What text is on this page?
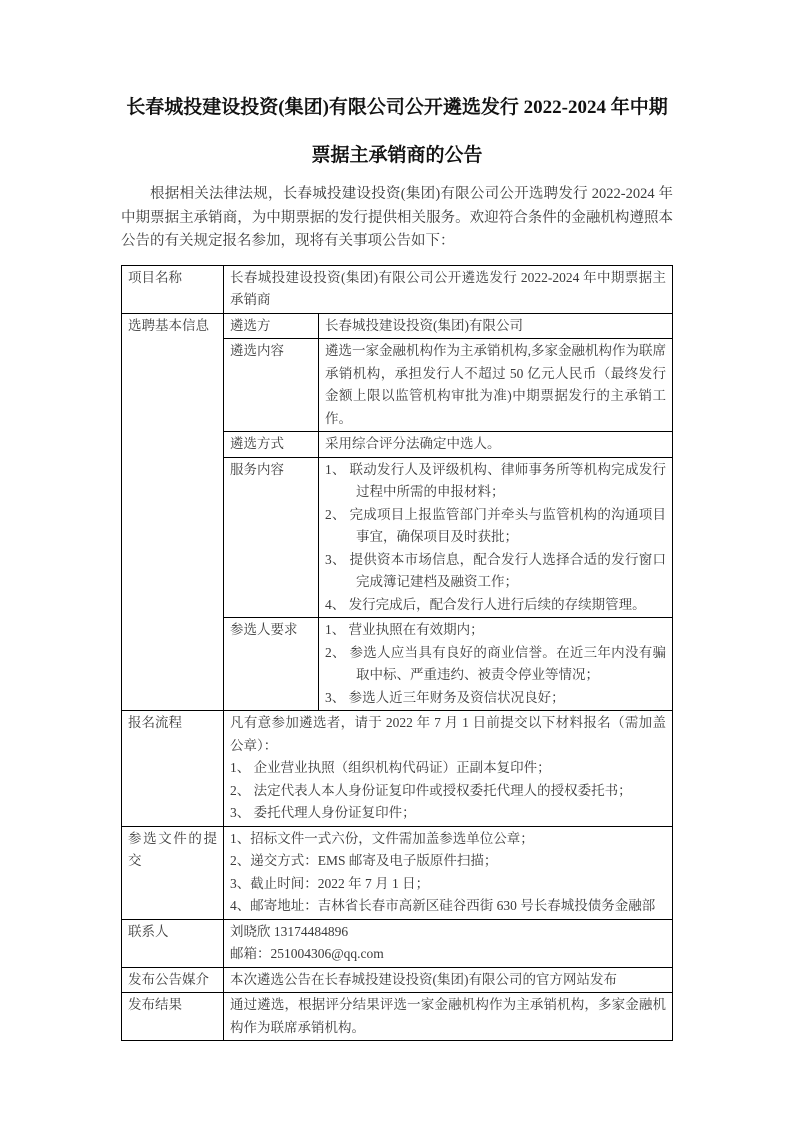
长春城投建设投资(集团)有限公司公开遴选发行 2022-2024 年中期
票据主承销商的公告

根据相关法律法规，长春城投建设投资(集团)有限公司公开选聘发行 2022-2024 年中期票据主承销商，为中期票据的发行提供相关服务。欢迎符合条件的金融机构遵照本公告的有关规定报名参加，现将有关事项公告如下：

项目名称	长春城投建设投资(集团)有限公司公开遴选发行 2022-2024 年中期票据主承销商	
选聘基本信息	遴选方	长春城投建设投资(集团)有限公司
	遴选内容	遴选一家金融机构作为主承销机构,多家金融机构作为联席承销机构，承担发行人不超过 50 亿元人民币（最终发行金额上限以监管机构审批为准)中期票据发行的主承销工作。
	遴选方式	采用综合评分法确定中选人。
	服务内容	1、 联动发行人及评级机构、律师事务所等机构完成发行过程中所需的申报材料；
2、 完成项目上报监管部门并牵头与监管机构的沟通项目事宜，确保项目及时获批；
3、 提供资本市场信息，配合发行人选择合适的发行窗口完成簿记建档及融资工作；
4、 发行完成后，配合发行人进行后续的存续期管理。

	参选人要求	1、 营业执照在有效期内；
2、 参选人应当具有良好的商业信誉。在近三年内没有骗取中标、严重违约、被责令停业等情况；
3、 参选人近三年财务及资信状况良好；

报名流程	凡有意参加遴选者，请于 2022 年 7 月 1 日前提交以下材料报名（需加盖公章）：
1、 企业营业执照（组织机构代码证）正副本复印件；
2、 法定代表人本人身份证复印件或授权委托代理人的授权委托书；
3、 委托代理人身份证复印件；	

参选文件的提交	1、招标文件一式六份，文件需加盖参选单位公章；
2、递交方式：EMS 邮寄及电子版原件扫描；
3、截止时间：2022 年 7 月 1 日；
4、邮寄地址：吉林省长春市高新区硅谷西街 630 号长春城投债务金融部	

联系人	刘晓欣 13174484896
邮箱：251004306@qq.com	

发布公告媒介	本次遴选公告在长春城投建设投资(集团)有限公司的官方网站发布	
发布结果	通过遴选，根据评分结果评选一家金融机构作为主承销机构，多家金融机构作为联席承销机构。	
